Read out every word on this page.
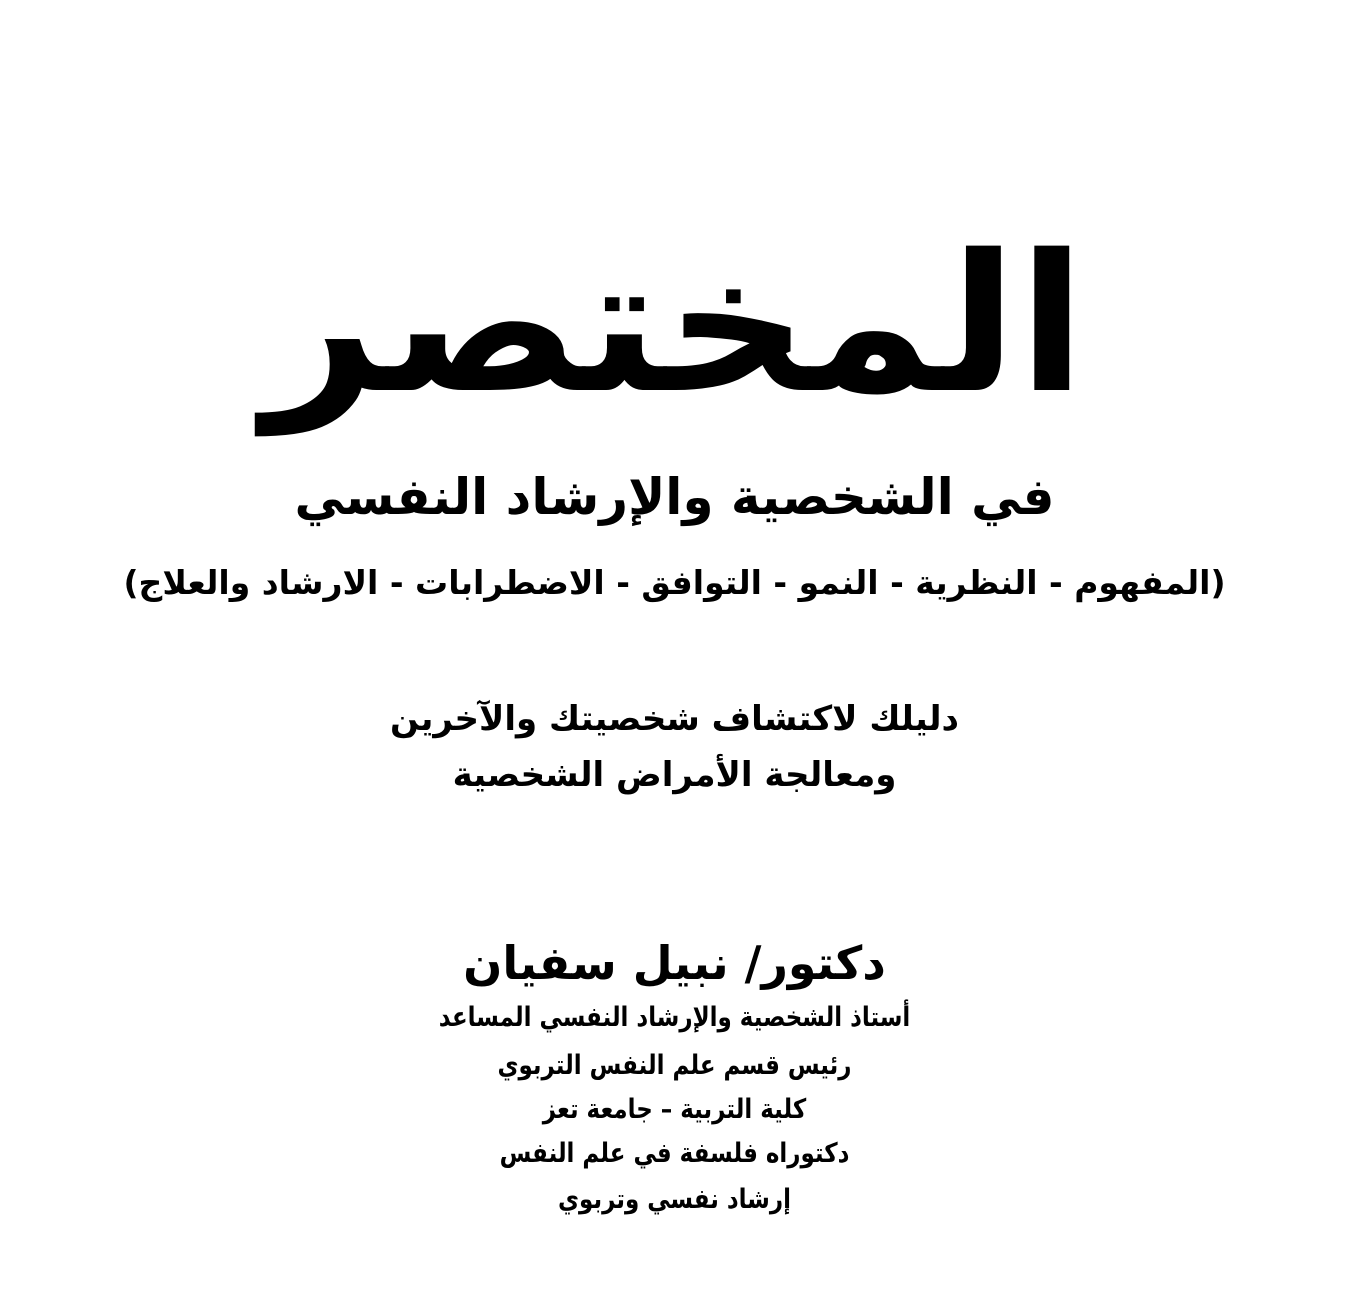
المختصر
في الشخصية والإرشاد النفسي
(المفهوم - النظرية - النمو - التوافق - الاضطرابات - الارشاد والعلاج)
دليلك لاكتشاف شخصيتك والآخرين
ومعالجة الأمراض الشخصية
دكتور/ نبيل سفيان
أستاذ الشخصية والإرشاد النفسي المساعد
رئيس قسم علم النفس التربوي
كلية التربية – جامعة تعز
دكتوراه فلسفة في علم النفس
إرشاد نفسي وتربوي
